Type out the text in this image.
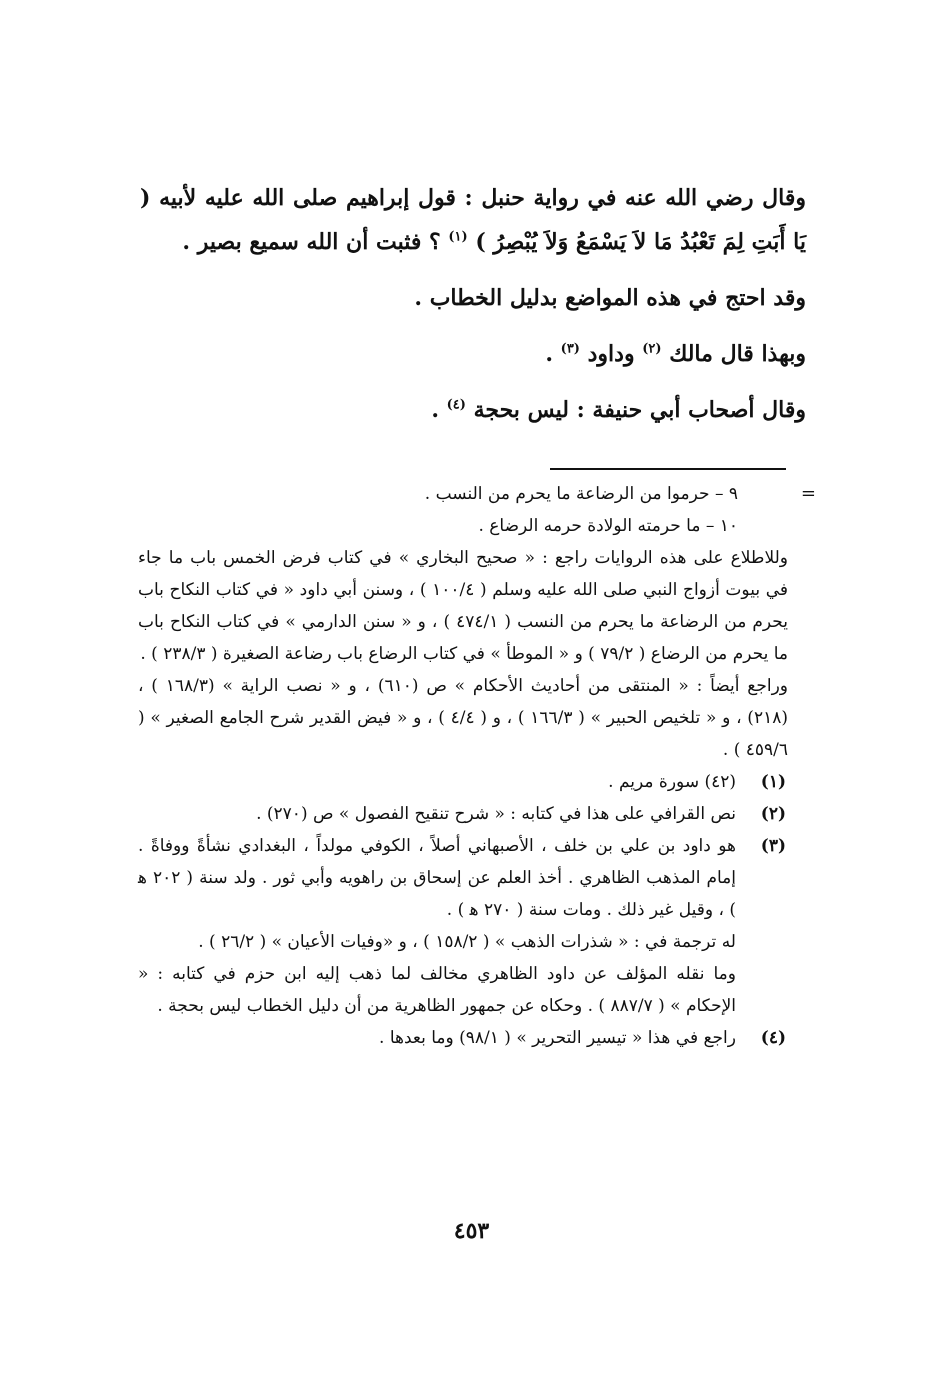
وقال رضي الله عنه في رواية حنبل : قول إبراهيم صلى الله عليه لأبيه ( يَا أَبَتِ لِمَ تَعْبُدُ مَا لاَ يَسْمَعُ وَلاَ يُبْصِرُ ) $^{(١)}$ ؟ فثبت أن الله سميع بصير .

وقد احتج في هذه المواضع بدليل الخطاب .

وبهذا قال مالك $^{(٢)}$ وداود $^{(٣)}$ .

وقال أصحاب أبي حنيفة : ليس بحجة $^{(٤)}$ .

=

٩ – حرموا من الرضاعة ما يحرم من النسب .

١٠ – ما حرمته الولادة حرمه الرضاع .

وللاطلاع على هذه الروايات راجع : « صحيح البخاري » في كتاب فرض الخمس باب ما جاء في بيوت أزواج النبي صلى الله عليه وسلم ( ١٠٠/٤ ) ، وسنن أبي داود « في كتاب النكاح باب يحرم من الرضاعة ما يحرم من النسب ( ٤٧٤/١ ) ، و « سنن الدارمي » في كتاب النكاح باب ما يحرم من الرضاع ( ٧٩/٢ ) و « الموطأ » في كتاب الرضاع باب رضاعة الصغيرة ( ٢٣٨/٣ ) .

وراجع أيضاً : « المنتقى من أحاديث الأحكام » ص (٦١٠) ، و « نصب الراية » (١٦٨/٣ ) ، (٢١٨) ، و « تلخيص الحبير » ( ١٦٦/٣ ) ، و ( ٤/٤ ) ، و « فيض القدير شرح الجامع الصغير » ( ٤٥٩/٦ ) .

(١)

(٤٢) سورة مريم .

(٢)

نص القرافي على هذا في كتابه : « شرح تنقيح الفصول » ص (٢٧٠) .

(٣)

هو داود بن علي بن خلف ، الأصبهاني أصلاً ، الكوفي مولداً ، البغدادي نشأةً ووفاةً . إمام المذهب الظاهري . أخذ العلم عن إسحاق بن راهويه وأبي ثور . ولد سنة ( ٢٠٢ ﻫ ) ، وقيل غير ذلك . ومات سنة ( ٢٧٠ ﻫ ) .

له ترجمة في : « شذرات الذهب » ( ١٥٨/٢ ) ، و «وفيات الأعيان » ( ٢٦/٢ ) .

وما نقله المؤلف عن داود الظاهري مخالف لما ذهب إليه ابن حزم في كتابه : « الإحكام » ( ٨٨٧/٧ ) . وحكاه عن جمهور الظاهرية من أن دليل الخطاب ليس بحجة .

(٤)

راجع في هذا « تيسير التحرير » ( ٩٨/١) وما بعدها .

٤٥٣
